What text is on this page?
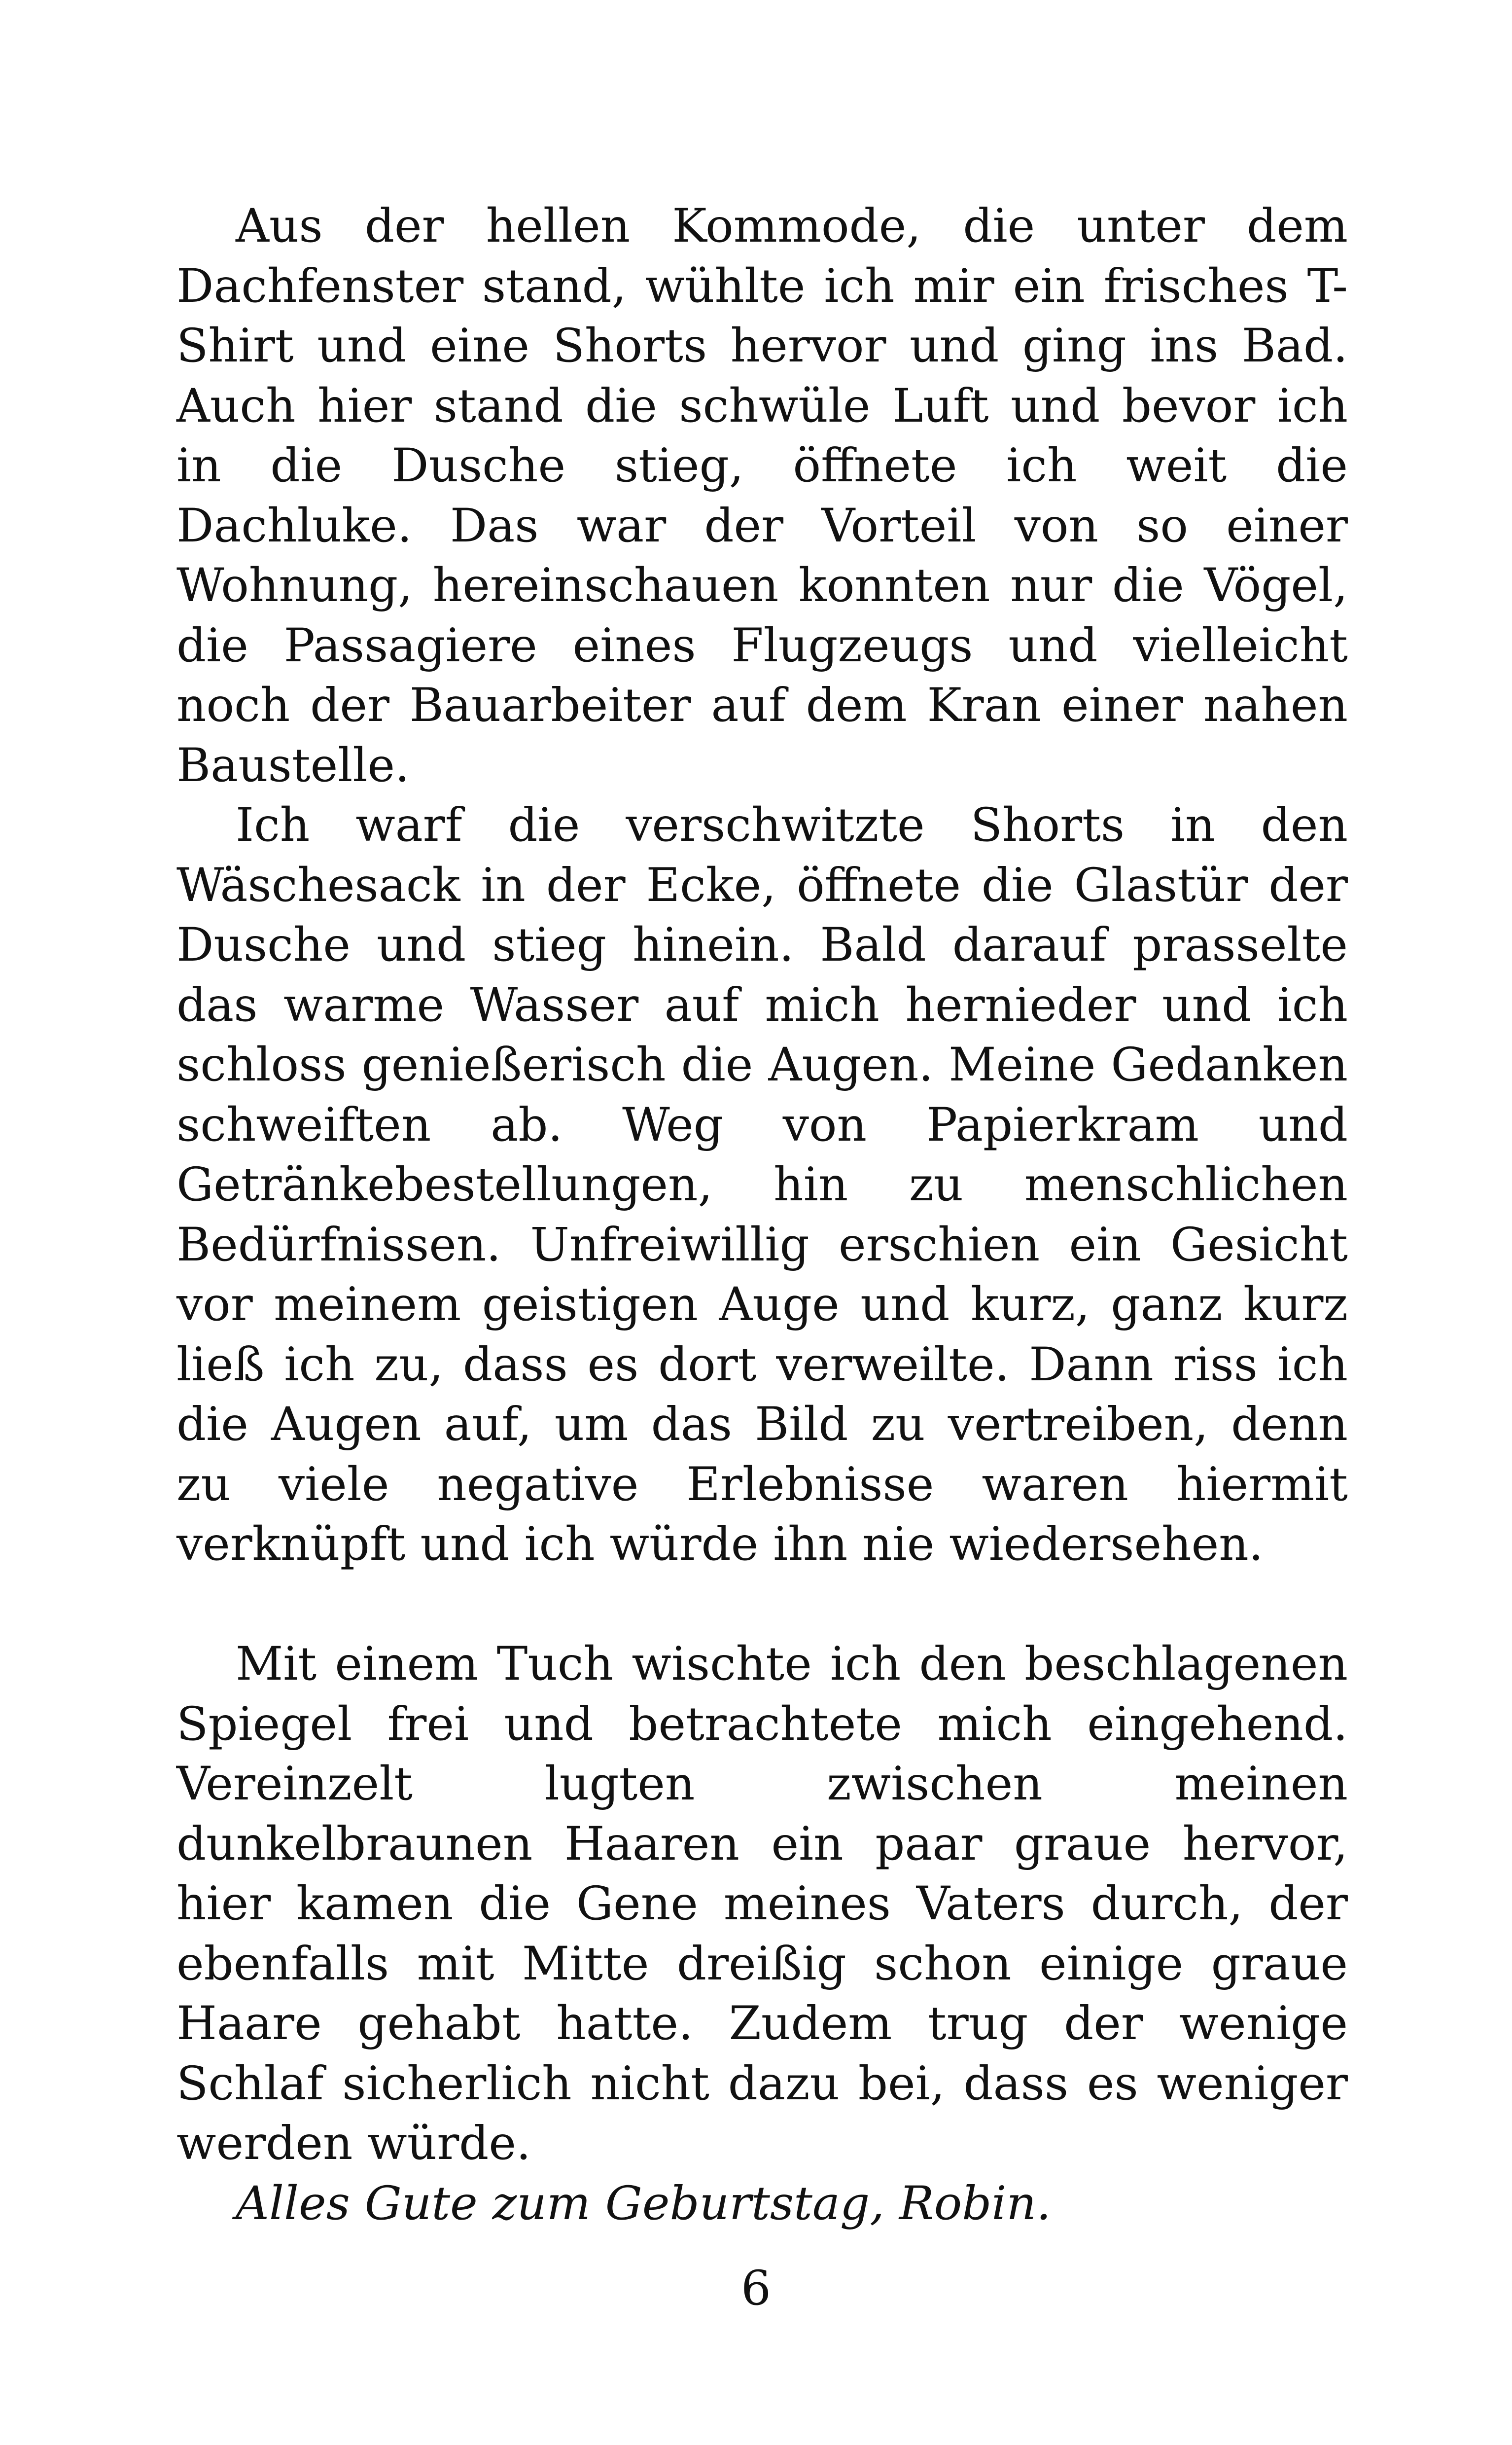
Aus der hellen Kommode, die unter dem Dachfenster stand, wühlte ich mir ein frisches T-Shirt und eine Shorts hervor und ging ins Bad. Auch hier stand die schwüle Luft und bevor ich in die Dusche stieg, öffnete ich weit die Dachluke. Das war der Vorteil von so einer Wohnung, hereinschauen konnten nur die Vögel, die Passagiere eines Flugzeugs und vielleicht noch der Bauarbeiter auf dem Kran einer nahen Baustelle.

Ich warf die verschwitzte Shorts in den Wäschesack in der Ecke, öffnete die Glastür der Dusche und stieg hinein. Bald darauf prasselte das warme Wasser auf mich hernieder und ich schloss genießerisch die Augen. Meine Gedanken schweiften ab. Weg von Papierkram und Getränkebestellungen, hin zu menschlichen Bedürfnissen. Unfreiwillig erschien ein Gesicht vor meinem geistigen Auge und kurz, ganz kurz ließ ich zu, dass es dort verweilte. Dann riss ich die Augen auf, um das Bild zu vertreiben, denn zu viele negative Erlebnisse waren hiermit verknüpft und ich würde ihn nie wiedersehen.

Mit einem Tuch wischte ich den beschlagenen Spiegel frei und betrachtete mich eingehend. Vereinzelt lugten zwischen meinen dunkelbraunen Haaren ein paar graue hervor, hier kamen die Gene meines Vaters durch, der ebenfalls mit Mitte dreißig schon einige graue Haare gehabt hatte. Zudem trug der wenige Schlaf sicherlich nicht dazu bei, dass es weniger werden würde.

Alles Gute zum Geburtstag, Robin.

6
